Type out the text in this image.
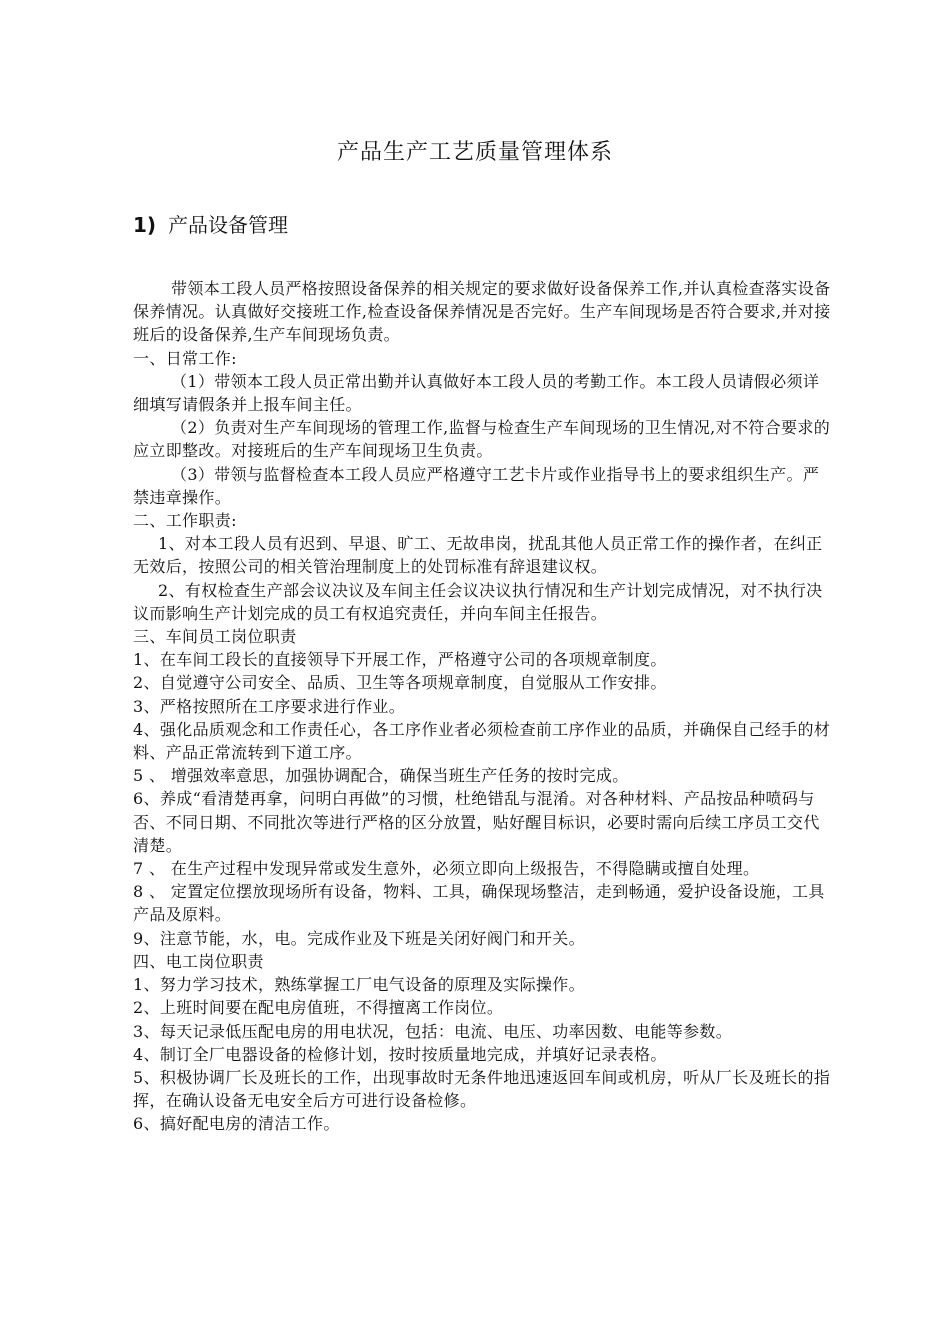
产品生产工艺质量管理体系
1) 产品设备管理

带领本工段人员严格按照设备保养的相关规定的要求做好设备保养工作,并认真检查落实设备保养情况。认真做好交接班工作,检查设备保养情况是否完好。生产车间现场是否符合要求,并对接班后的设备保养,生产车间现场负责。

一、日常工作:

（1）带领本工段人员正常出勤并认真做好本工段人员的考勤工作。本工段人员请假必须详细填写请假条并上报车间主任。

（2）负责对生产车间现场的管理工作,监督与检查生产车间现场的卫生情况,对不符合要求的应立即整改。对接班后的生产车间现场卫生负责。

（3）带领与监督检查本工段人员应严格遵守工艺卡片或作业指导书上的要求组织生产。严禁违章操作。

二、工作职责:

1、对本工段人员有迟到、早退、旷工、无故串岗，扰乱其他人员正常工作的操作者，在纠正无效后，按照公司的相关管治理制度上的处罚标准有辞退建议权。

2、有权检查生产部会议决议及车间主任会议决议执行情况和生产计划完成情况，对不执行决议而影响生产计划完成的员工有权追究责任，并向车间主任报告。

三、车间员工岗位职责

1、在车间工段长的直接领导下开展工作，严格遵守公司的各项规章制度。

2、自觉遵守公司安全、品质、卫生等各项规章制度，自觉服从工作安排。

3、严格按照所在工序要求进行作业。

4、强化品质观念和工作责任心，各工序作业者必须检查前工序作业的品质，并确保自己经手的材料、产品正常流转到下道工序。

5 、 增强效率意思，加强协调配合，确保当班生产任务的按时完成。

6、养成“看清楚再拿，问明白再做”的习惯，杜绝错乱与混淆。对各种材料、产品按品种喷码与否、不同日期、不同批次等进行严格的区分放置，贴好醒目标识，必要时需向后续工序员工交代清楚。

7 、 在生产过程中发现异常或发生意外，必须立即向上级报告，不得隐瞒或擅自处理。

8 、 定置定位摆放现场所有设备，物料、工具，确保现场整洁，走到畅通，爱护设备设施，工具产品及原料。

9、注意节能，水，电。完成作业及下班是关闭好阀门和开关。

四、电工岗位职责

1、努力学习技术，熟练掌握工厂电气设备的原理及实际操作。

2、上班时间要在配电房值班，不得擅离工作岗位。

3、每天记录低压配电房的用电状况，包括：电流、电压、功率因数、电能等参数。

4、制订全厂电器设备的检修计划，按时按质量地完成，并填好记录表格。

5、积极协调厂长及班长的工作，出现事故时无条件地迅速返回车间或机房，听从厂长及班长的指挥，在确认设备无电安全后方可进行设备检修。

6、搞好配电房的清洁工作。
